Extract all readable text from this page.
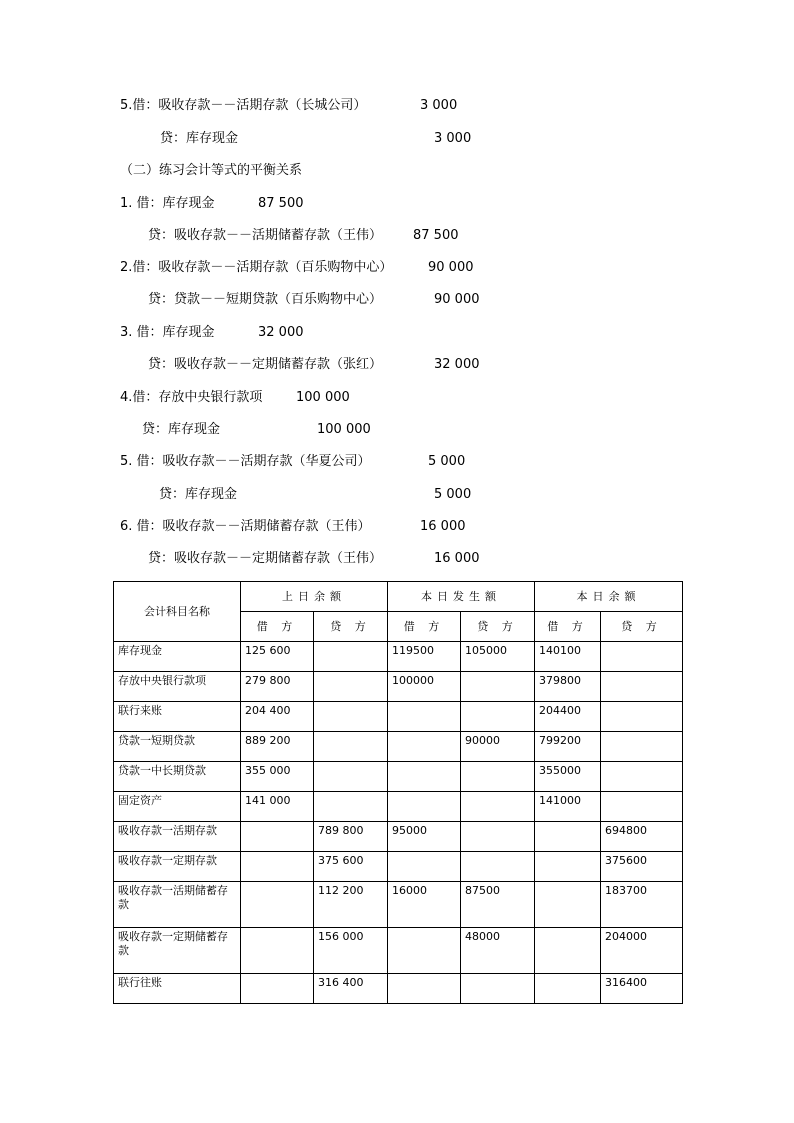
5.借：吸收存款－－活期存款（长城公司）

	3 000

贷：库存现金

	3 000

（二）练习会计等式的平衡关系

1. 借：库存现金

	87 500

贷：吸收存款－－活期储蓄存款（王伟）

87 500

2.借：吸收存款－－活期存款（百乐购物中心）

	90 000

贷：贷款－－短期贷款（百乐购物中心）

	90 000

3. 借：库存现金

	32 000

贷：吸收存款－－定期储蓄存款（张红）

	32 000

4.借：存放中央银行款项

	100 000

贷：库存现金

	100 000

5. 借：吸收存款－－活期存款（华夏公司）

	5 000

贷：库存现金

	5 000

6. 借：吸收存款－－活期储蓄存款（王伟）

	16 000

贷：吸收存款－－定期储蓄存款（王伟）

	16 000

会计科目名称	上日余额		本日发生额		本日余额	
	借 方	贷 方	借 方	贷 方	借 方	贷 方
库存现金	125 600		119500	105000	140100	
存放中央银行款项	279 800		100000		379800	
联行来账	204 400				204400	
贷款一短期贷款	889 200			90000	799200	
贷款一中长期贷款	355 000				355000	
固定资产	141 000				141000	
吸收存款一活期存款		789 800	95000			694800
吸收存款一定期存款		375 600				375600
吸收存款一活期储蓄存款		112 200	16000	87500		183700
吸收存款一定期储蓄存款		156 000		48000		204000
联行往账		316 400				316400
